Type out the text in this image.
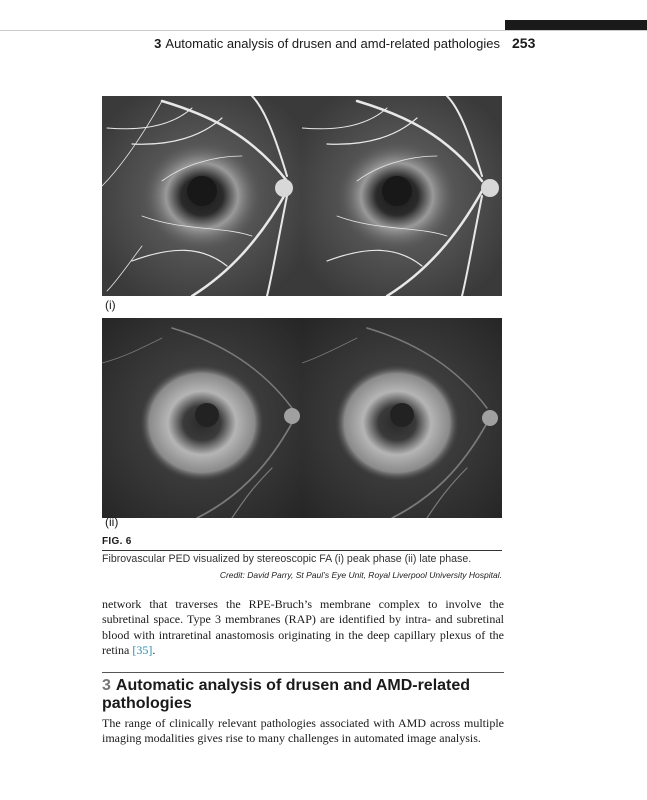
3 Automatic analysis of drusen and amd-related pathologies 253
(i)
(ii)
FIG. 6
Fibrovascular PED visualized by stereoscopic FA (i) peak phase (ii) late phase.
Credit: David Parry, St Paul’s Eye Unit, Royal Liverpool University Hospital.
network that traverses the RPE-Bruch’s membrane complex to involve the subretinal space. Type 3 membranes (RAP) are identified by intra- and subretinal blood with intraretinal anastomosis originating in the deep capillary plexus of the retina [35].
3 Automatic analysis of drusen and AMD-related pathologies
The range of clinically relevant pathologies associated with AMD across multiple imaging modalities gives rise to many challenges in automated image analysis.
